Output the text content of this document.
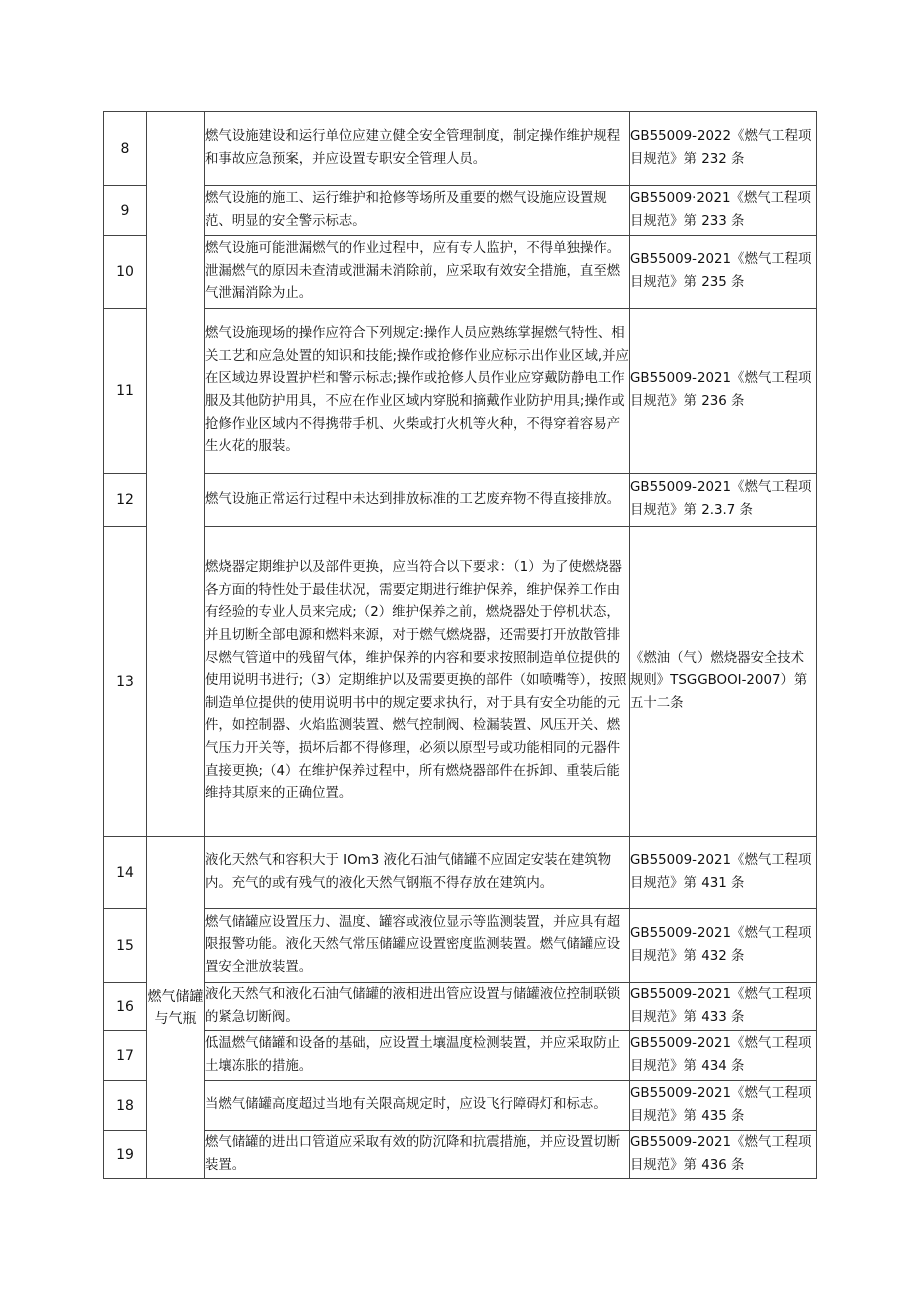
8		燃气设施建设和运行单位应建立健全安全管理制度，制定操作维护规程和事故应急预案，并应设置专职安全管理人员。	GB55009-2022《燃气工程项目规范》第 232 条
9		燃气设施的施工、运行维护和抢修等场所及重要的燃气设施应设置规范、明显的安全警示标志。	GB55009·2021《燃气工程项目规范》第 233 条
10		燃气设施可能泄漏燃气的作业过程中，应有专人监护，不得单独操作。泄漏燃气的原因未查清或泄漏未消除前，应采取有效安全措施，直至燃气泄漏消除为止。	GB55009-2021《燃气工程项目规范》第 235 条
11		燃气设施现场的操作应符合下列规定:操作人员应熟练掌握燃气特性、相关工艺和应急处置的知识和技能;操作或抢修作业应标示出作业区域,并应在区域边界设置护栏和警示标志;操作或抢修人员作业应穿戴防静电工作服及其他防护用具，不应在作业区域内穿脱和摘戴作业防护用具;操作或抢修作业区域内不得携带手机、火柴或打火机等火种，不得穿着容易产生火花的服装。	GB55009-2021《燃气工程项目规范》第 236 条
12		燃气设施正常运行过程中未达到排放标准的工艺废弃物不得直接排放。	GB55009-2021《燃气工程项目规范》第 2.3.7 条
13		燃烧器定期维护以及部件更换，应当符合以下要求：（1）为了使燃烧器各方面的特性处于最佳状况，需要定期进行维护保养，维护保养工作由有经验的专业人员来完成;（2）维护保养之前，燃烧器处于停机状态，并且切断全部电源和燃料来源，对于燃气燃烧器，还需要打开放散管排尽燃气管道中的残留气体，维护保养的内容和要求按照制造单位提供的使用说明书进行;（3）定期维护以及需要更换的部件（如喷嘴等），按照制造单位提供的使用说明书中的规定要求执行，对于具有安全功能的元件，如控制器、火焰监测装置、燃气控制阀、检漏装置、风压开关、燃气压力开关等，损坏后都不得修理，必须以原型号或功能相同的元器件直接更换;（4）在维护保养过程中，所有燃烧器部件在拆卸、重装后能维持其原来的正确位置。	《燃油（气）燃烧器安全技术规则》TSGGBOOI-2007）第五十二条
14	燃气储罐与气瓶	液化天然气和容积大于 IOm3 液化石油气储罐不应固定安装在建筑物内。充气的或有残气的液化天然气钢瓶不得存放在建筑内。	GB55009-2021《燃气工程项目规范》第 431 条
15		燃气储罐应设置压力、温度、罐容或液位显示等监测装置，并应具有超限报警功能。液化天然气常压储罐应设置密度监测装置。燃气储罐应设置安全泄放装置。	GB55009-2021《燃气工程项目规范》第 432 条
16		液化天然气和液化石油气储罐的液相进出管应设置与储罐液位控制联锁的紧急切断阀。	GB55009-2021《燃气工程项目规范》第 433 条
17		低温燃气储罐和设备的基础，应设置土壤温度检测装置，并应采取防止土壤冻胀的措施。	GB55009-2021《燃气工程项目规范》第 434 条
18		当燃气储罐高度超过当地有关限高规定时，应设飞行障碍灯和标志。	GB55009-2021《燃气工程项目规范》第 435 条
19		燃气储罐的进出口管道应采取有效的防沉降和抗震措施，并应设置切断装置。	GB55009-2021《燃气工程项目规范》第 436 条
